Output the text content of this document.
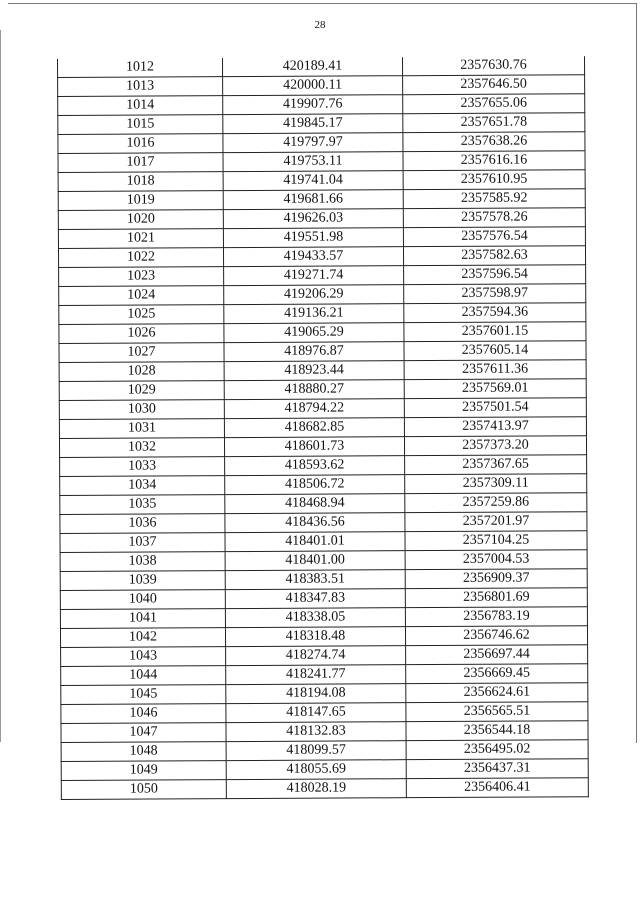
28
1012	420189.41	2357630.76
1013	420000.11	2357646.50
1014	419907.76	2357655.06
1015	419845.17	2357651.78
1016	419797.97	2357638.26
1017	419753.11	2357616.16
1018	419741.04	2357610.95
1019	419681.66	2357585.92
1020	419626.03	2357578.26
1021	419551.98	2357576.54
1022	419433.57	2357582.63
1023	419271.74	2357596.54
1024	419206.29	2357598.97
1025	419136.21	2357594.36
1026	419065.29	2357601.15
1027	418976.87	2357605.14
1028	418923.44	2357611.36
1029	418880.27	2357569.01
1030	418794.22	2357501.54
1031	418682.85	2357413.97
1032	418601.73	2357373.20
1033	418593.62	2357367.65
1034	418506.72	2357309.11
1035	418468.94	2357259.86
1036	418436.56	2357201.97
1037	418401.01	2357104.25
1038	418401.00	2357004.53
1039	418383.51	2356909.37
1040	418347.83	2356801.69
1041	418338.05	2356783.19
1042	418318.48	2356746.62
1043	418274.74	2356697.44
1044	418241.77	2356669.45
1045	418194.08	2356624.61
1046	418147.65	2356565.51
1047	418132.83	2356544.18
1048	418099.57	2356495.02
1049	418055.69	2356437.31
1050	418028.19	2356406.41
